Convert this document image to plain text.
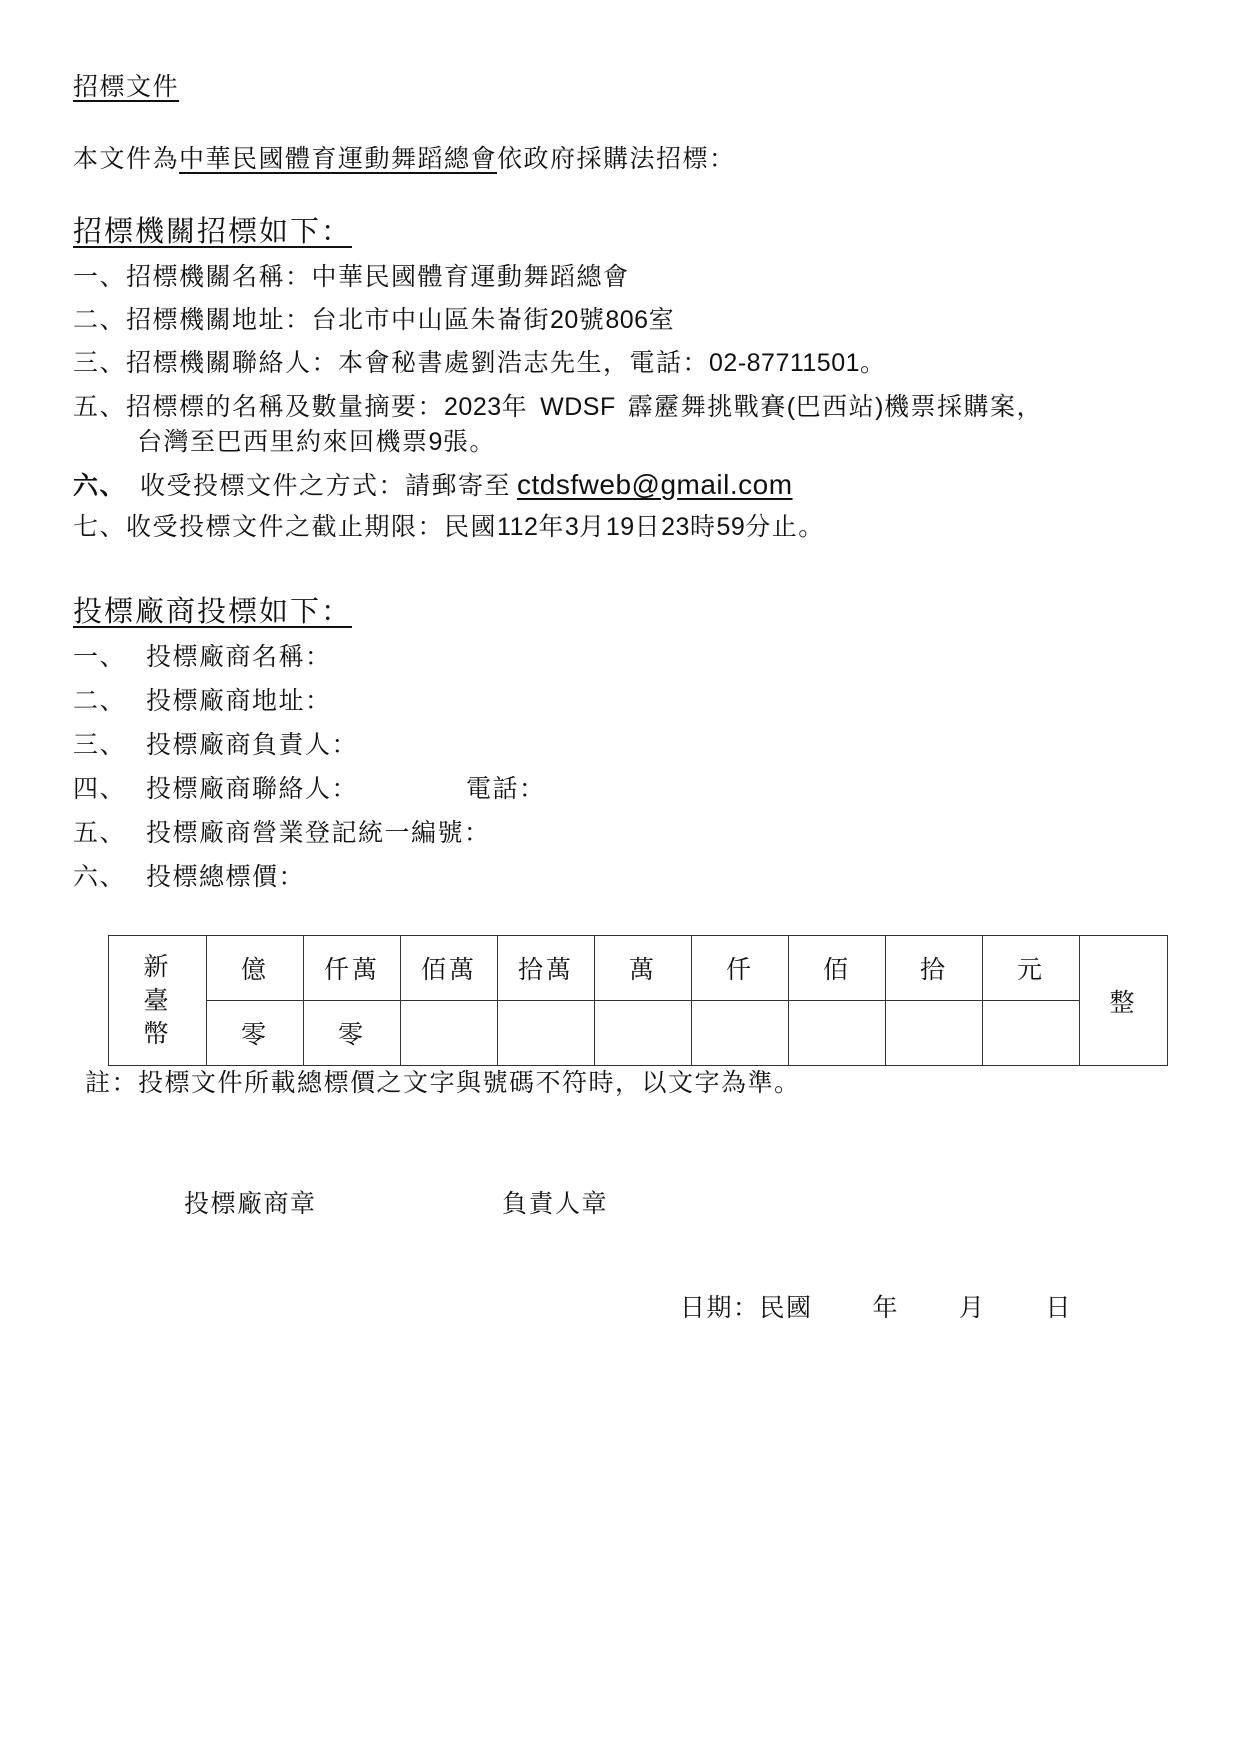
招標文件
本文件為中華民國體育運動舞蹈總會依政府採購法招標：
招標機關招標如下：
一、招標機關名稱：中華民國體育運動舞蹈總會
二、招標機關地址：台北市中山區朱崙街20號806室
三、招標機關聯絡人：本會秘書處劉浩志先生，電話：02-87711501。
五、招標標的名稱及數量摘要：2023年 WDSF 霹靂舞挑戰賽(巴西站)機票採購案，
台灣至巴西里約來回機票9張。
六、 收受投標文件之方式：請郵寄至 ctdsfweb@gmail.com
七、收受投標文件之截止期限：民國112年3月19日23時59分止。
投標廠商投標如下：
一、 投標廠商名稱：
二、 投標廠商地址：
三、 投標廠商負責人：
四、 投標廠商聯絡人：	電話：
五、 投標廠商營業登記統一編號：
六、 投標總標價：
新
臺
幣	億	仟萬	佰萬	拾萬	萬	仟	佰	拾	元	整
	零	零								
註：投標文件所載總標價之文字與號碼不符時，以文字為準。
投標廠商章	負責人章
日期：民國 年 月 日
